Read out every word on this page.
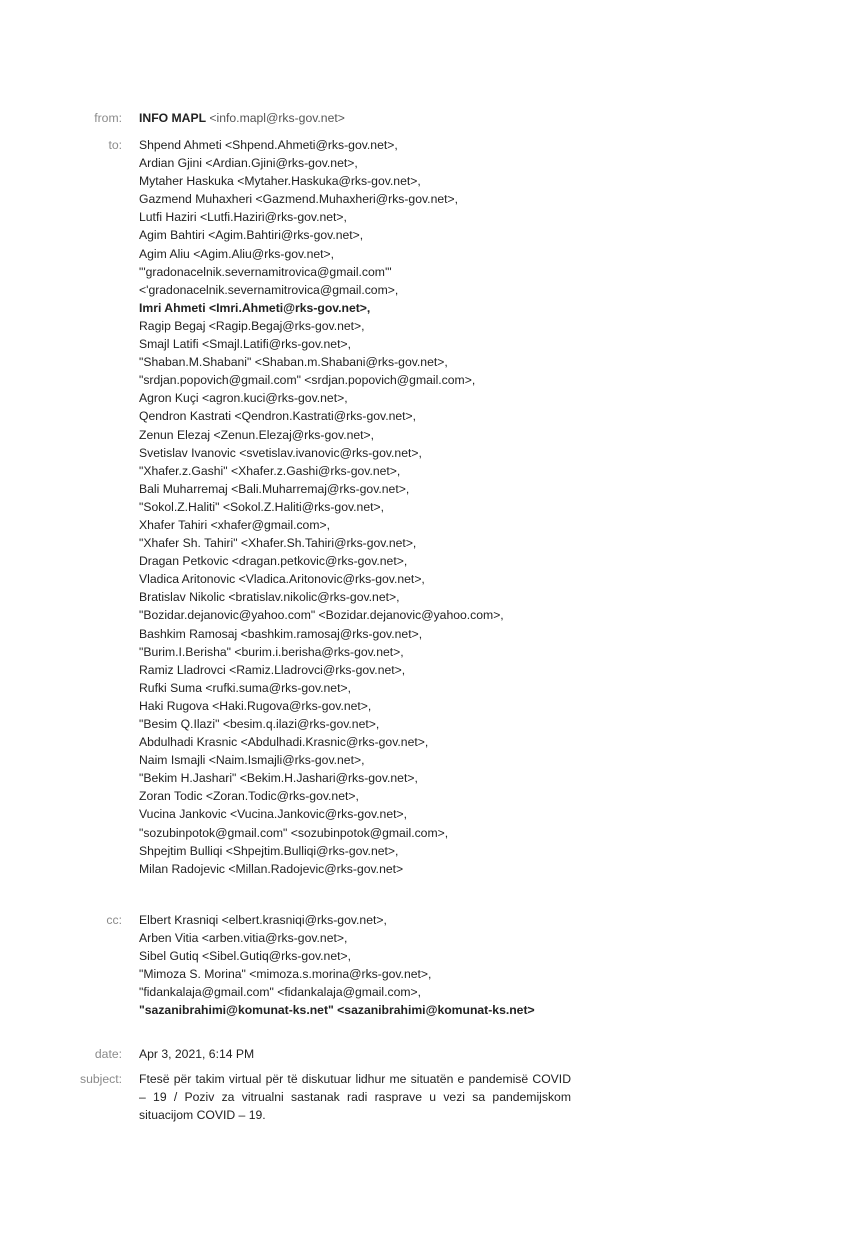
from:	INFO MAPL <info.mapl@rks-gov.net>
to:	Shpend Ahmeti <Shpend.Ahmeti@rks-gov.net>,
Ardian Gjini <Ardian.Gjini@rks-gov.net>,
Mytaher Haskuka <Mytaher.Haskuka@rks-gov.net>,
Gazmend Muhaxheri <Gazmend.Muhaxheri@rks-gov.net>,
Lutfi Haziri <Lutfi.Haziri@rks-gov.net>,
Agim Bahtiri <Agim.Bahtiri@rks-gov.net>,
Agim Aliu <Agim.Aliu@rks-gov.net>,
"'gradonacelnik.severnamitrovica@gmail.com'"
<'gradonacelnik.severnamitrovica@gmail.com>,
Imri Ahmeti <Imri.Ahmeti@rks-gov.net>,
Ragip Begaj <Ragip.Begaj@rks-gov.net>,
Smajl Latifi <Smajl.Latifi@rks-gov.net>,
"Shaban.M.Shabani" <Shaban.m.Shabani@rks-gov.net>,
"srdjan.popovich@gmail.com" <srdjan.popovich@gmail.com>,
Agron Kuçi <agron.kuci@rks-gov.net>,
Qendron Kastrati <Qendron.Kastrati@rks-gov.net>,
Zenun Elezaj <Zenun.Elezaj@rks-gov.net>,
Svetislav Ivanovic <svetislav.ivanovic@rks-gov.net>,
"Xhafer.z.Gashi" <Xhafer.z.Gashi@rks-gov.net>,
Bali Muharremaj <Bali.Muharremaj@rks-gov.net>,
"Sokol.Z.Haliti" <Sokol.Z.Haliti@rks-gov.net>,
Xhafer Tahiri <xhafer@gmail.com>,
"Xhafer Sh. Tahiri" <Xhafer.Sh.Tahiri@rks-gov.net>,
Dragan Petkovic <dragan.petkovic@rks-gov.net>,
Vladica Aritonovic <Vladica.Aritonovic@rks-gov.net>,
Bratislav Nikolic <bratislav.nikolic@rks-gov.net>,
"Bozidar.dejanovic@yahoo.com" <Bozidar.dejanovic@yahoo.com>,
Bashkim Ramosaj <bashkim.ramosaj@rks-gov.net>,
"Burim.I.Berisha" <burim.i.berisha@rks-gov.net>,
Ramiz Lladrovci <Ramiz.Lladrovci@rks-gov.net>,
Rufki Suma <rufki.suma@rks-gov.net>,
Haki Rugova <Haki.Rugova@rks-gov.net>,
"Besim Q.Ilazi" <besim.q.ilazi@rks-gov.net>,
Abdulhadi Krasnic <Abdulhadi.Krasnic@rks-gov.net>,
Naim Ismajli <Naim.Ismajli@rks-gov.net>,
"Bekim H.Jashari" <Bekim.H.Jashari@rks-gov.net>,
Zoran Todic <Zoran.Todic@rks-gov.net>,
Vucina Jankovic <Vucina.Jankovic@rks-gov.net>,
"sozubinpotok@gmail.com" <sozubinpotok@gmail.com>,
Shpejtim Bulliqi <Shpejtim.Bulliqi@rks-gov.net>,
Milan Radojevic <Millan.Radojevic@rks-gov.net>
cc:	Elbert Krasniqi <elbert.krasniqi@rks-gov.net>,
Arben Vitia <arben.vitia@rks-gov.net>,
Sibel Gutiq <Sibel.Gutiq@rks-gov.net>,
"Mimoza S. Morina" <mimoza.s.morina@rks-gov.net>,
"fidankalaja@gmail.com" <fidankalaja@gmail.com>,
"sazanibrahimi@komunat-ks.net" <sazanibrahimi@komunat-ks.net>
date:	Apr 3, 2021, 6:14 PM
subject:	Ftesë për takim virtual për të diskutuar lidhur me situatën e pandemisë COVID – 19 / Poziv za vitrualni sastanak radi rasprave u vezi sa pandemijskom situacijom COVID – 19.
